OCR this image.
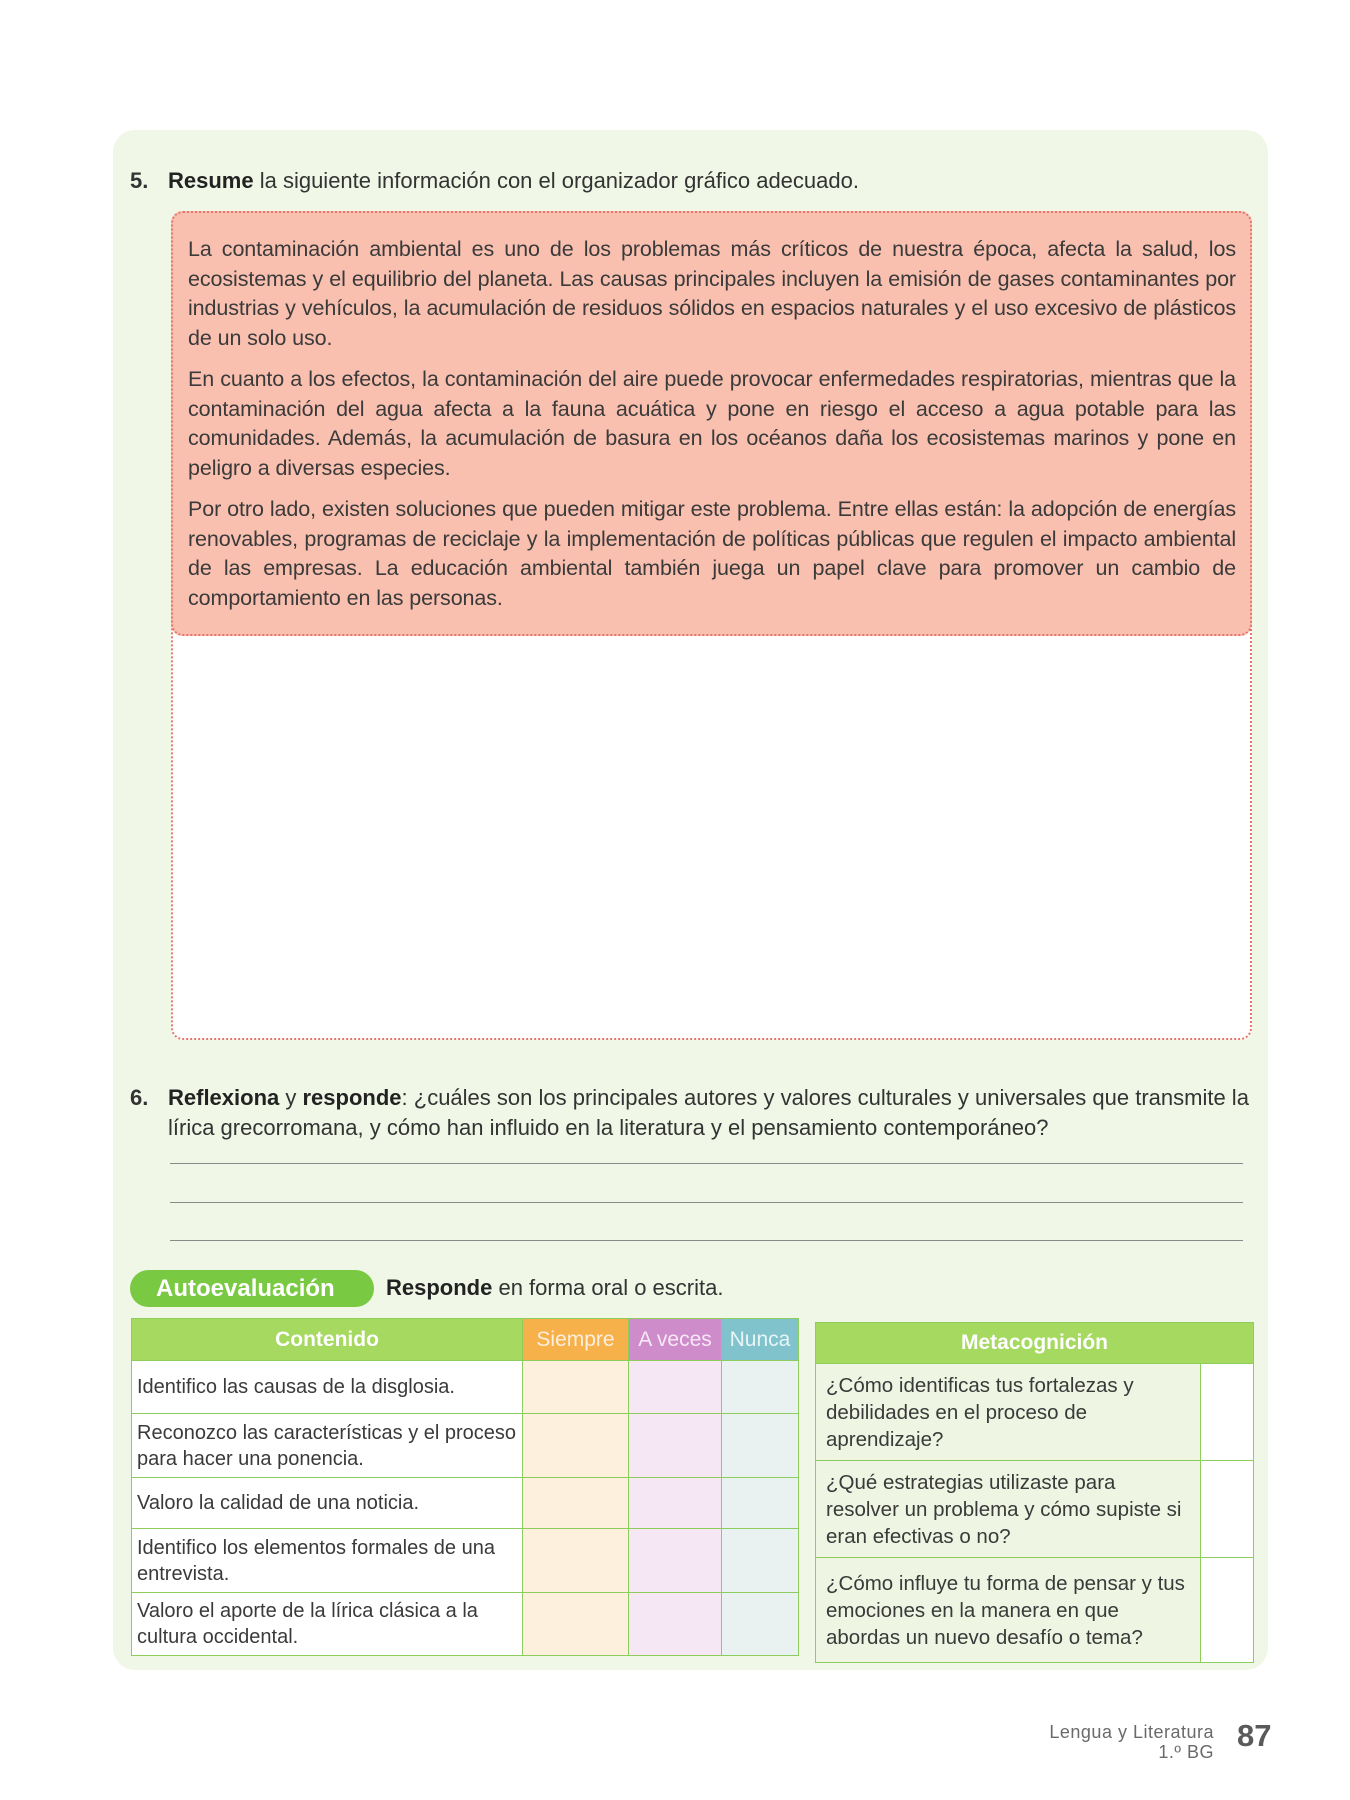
5. Resume la siguiente información con el organizador gráfico adecuado.

La contaminación ambiental es uno de los problemas más críticos de nuestra época, afecta la salud, los ecosistemas y el equilibrio del planeta. Las causas principales incluyen la emisión de gases contaminantes por industrias y vehículos, la acumulación de residuos sólidos en espacios naturales y el uso excesivo de plásticos de un solo uso.

En cuanto a los efectos, la contaminación del aire puede provocar enfermedades respiratorias, mientras que la contaminación del agua afecta a la fauna acuática y pone en riesgo el acceso a agua potable para las comunidades. Además, la acumulación de basura en los océanos daña los ecosistemas marinos y pone en peligro a diversas especies.

Por otro lado, existen soluciones que pueden mitigar este problema. Entre ellas están: la adopción de energías renovables, programas de reciclaje y la implementación de políticas públicas que regulen el impacto ambiental de las empresas. La educación ambiental también juega un papel clave para promover un cambio de comportamiento en las personas.

6. Reflexiona y responde: ¿cuáles son los principales autores y valores culturales y universales que transmite la lírica grecorromana, y cómo han influido en la literatura y el pensamiento contemporáneo?
Autoevaluación	Responde en forma oral o escrita.
Contenido	Siempre	A veces	Nunca
Identifico las causas de la disglosia.			
Reconozco las características y el proceso para hacer una ponencia.			
Valoro la calidad de una noticia.			
Identifico los elementos formales de una entrevista.			
Valoro el aporte de la lírica clásica a la cultura occidental.			
Metacognición	
¿Cómo identificas tus fortalezas y debilidades en el proceso de aprendizaje?	
¿Qué estrategias utilizaste para resolver un problema y cómo supiste si eran efectivas o no?	
¿Cómo influye tu forma de pensar y tus emociones en la manera en que abordas un nuevo desafío o tema?	
Lengua y Literatura
1.º BG 87
